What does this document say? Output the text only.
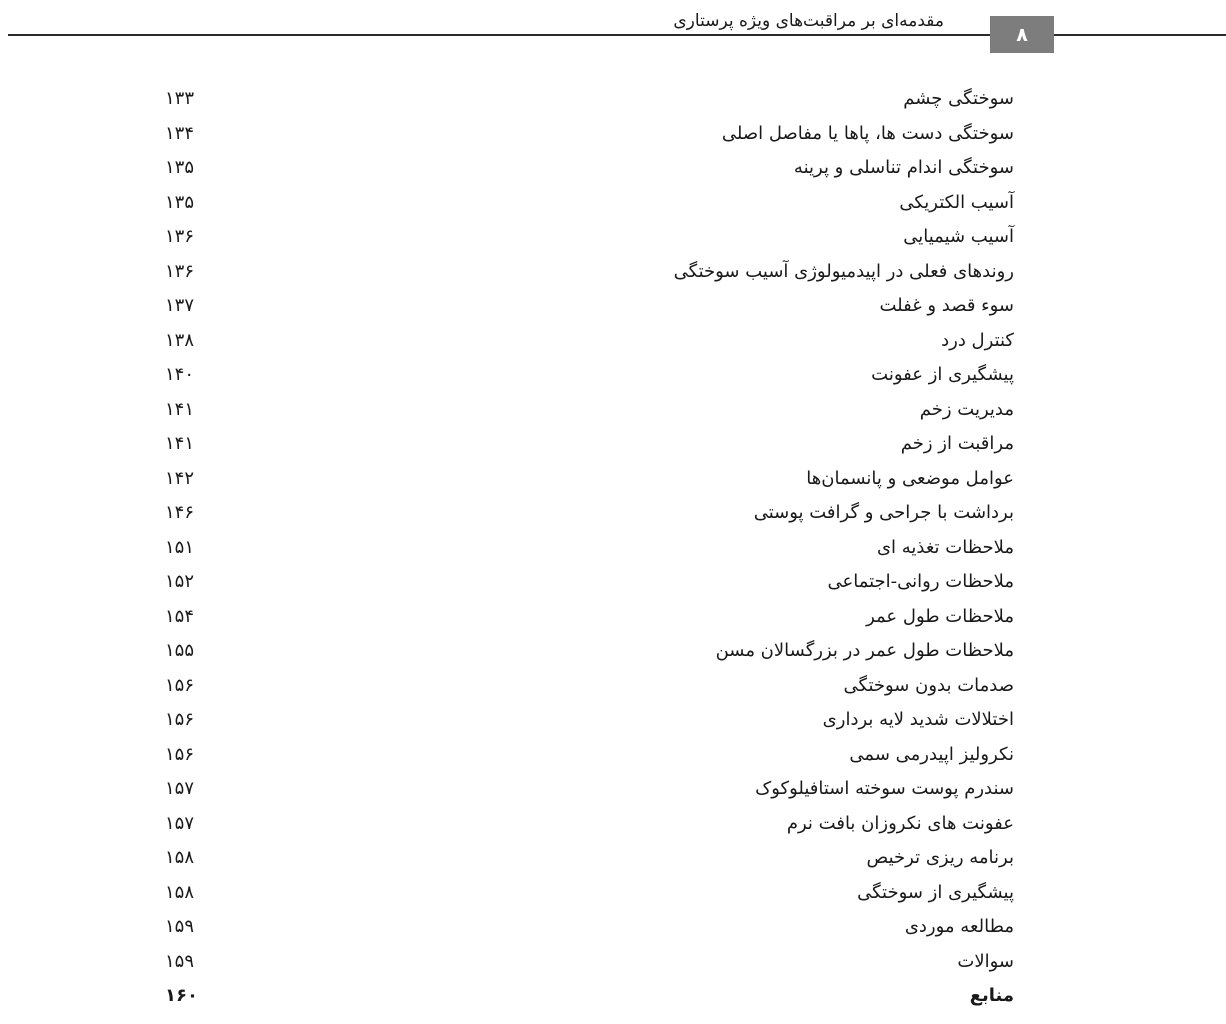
مقدمه‌ای بر مراقبت‌های ویژه پرستاری
۸
سوختگی چشم
۱۳۳
سوختگی دست ها، پاها یا مفاصل اصلی
۱۳۴
سوختگی اندام تناسلی و پرینه
۱۳۵
آسیب الکتریکی
۱۳۵
آسیب شیمیایی
۱۳۶
روندهای فعلی در اپیدمیولوژی آسیب سوختگی
۱۳۶
سوء قصد و غفلت
۱۳۷
کنترل درد
۱۳۸
پیشگیری از عفونت
۱۴۰
مدیریت زخم
۱۴۱
مراقبت از زخم
۱۴۱
عوامل موضعی و پانسمان‌ها
۱۴۲
برداشت با جراحی و گرافت پوستی
۱۴۶
ملاحظات تغذیه ای
۱۵۱
ملاحظات روانی-اجتماعی
۱۵۲
ملاحظات طول عمر
۱۵۴
ملاحظات طول عمر در بزرگسالان مسن
۱۵۵
صدمات بدون سوختگی
۱۵۶
اختلالات شدید لایه برداری
۱۵۶
نکرولیز اپیدرمی سمی
۱۵۶
سندرم پوست سوخته استافیلوکوک
۱۵۷
عفونت های نکروزان بافت نرم
۱۵۷
برنامه ریزی ترخیص
۱۵۸
پیشگیری از سوختگی
۱۵۸
مطالعه موردی
۱۵۹
سوالات
۱۵۹
منابع
۱۶۰
